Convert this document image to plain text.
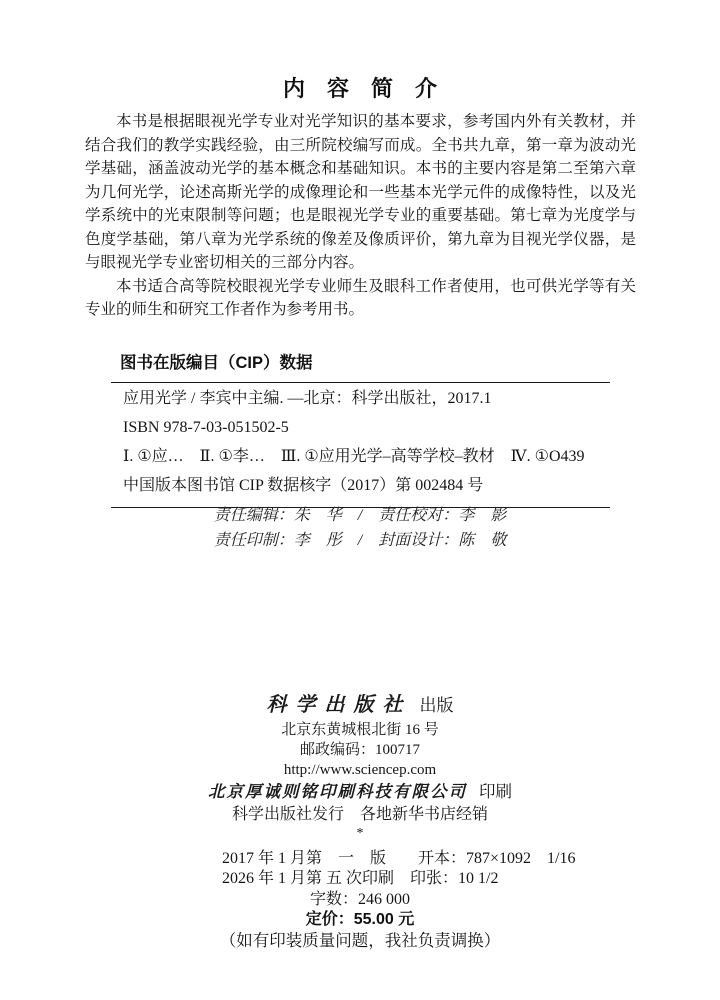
内容简介

本书是根据眼视光学专业对光学知识的基本要求，参考国内外有关教材，并结合我们的教学实践经验，由三所院校编写而成。全书共九章，第一章为波动光学基础，涵盖波动光学的基本概念和基础知识。本书的主要内容是第二至第六章为几何光学，论述高斯光学的成像理论和一些基本光学元件的成像特性，以及光学系统中的光束限制等问题；也是眼视光学专业的重要基础。第七章为光度学与色度学基础，第八章为光学系统的像差及像质评价，第九章为目视光学仪器，是与眼视光学专业密切相关的三部分内容。

本书适合高等院校眼视光学专业师生及眼科工作者使用，也可供光学等有关专业的师生和研究工作者作为参考用书。

图书在版编目（CIP）数据
应用光学 / 李宾中主编. —北京：科学出版社，2017.1
ISBN 978-7-03-051502-5
Ⅰ. ①应…　Ⅱ. ①李…　Ⅲ. ①应用光学–高等学校–教材　Ⅳ. ①O439
中国版本图书馆 CIP 数据核字（2017）第 002484 号
责任编辑：朱　华　/　责任校对：李　影
责任印制：李　彤　/　封面设计：陈　敬
科学出版社 出版
北京东黄城根北街 16 号
邮政编码：100717
http://www.sciencep.com
北京厚诚则铭印刷科技有限公司 印刷
科学出版社发行　各地新华书店经销
*
2017 年 1 月第　一　版　　开本：787×1092　1/16
2026 年 1 月第 五 次印刷　印张：10 1/2
字数：246 000
定价：55.00 元
（如有印装质量问题，我社负责调换）
